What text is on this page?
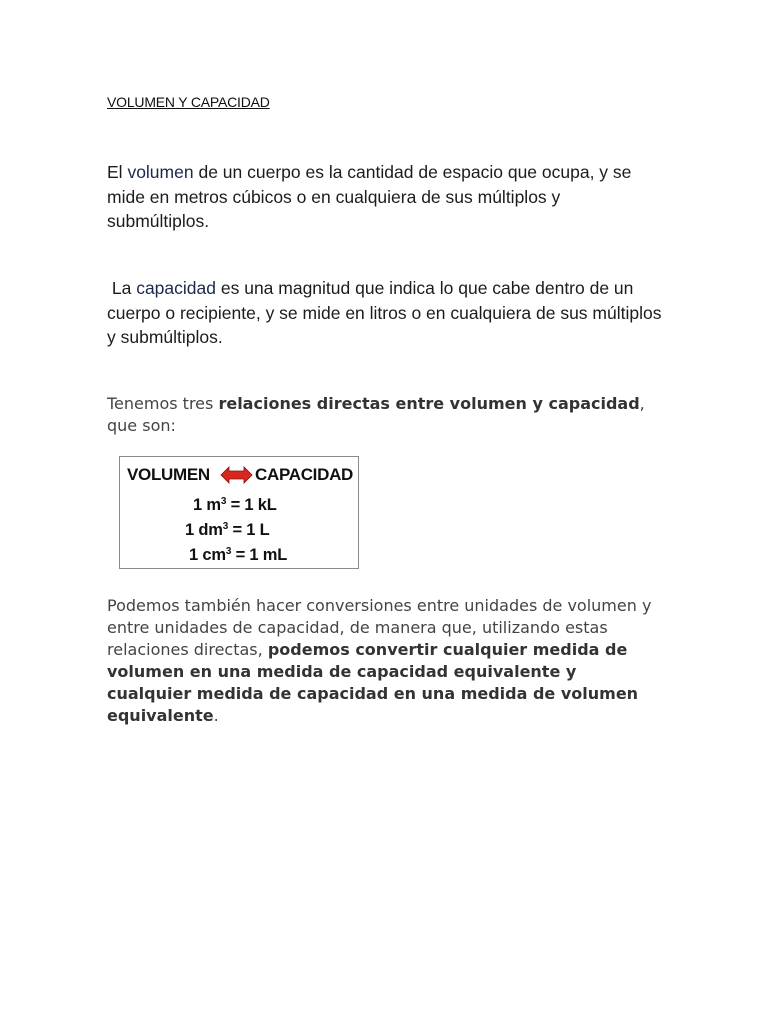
VOLUMEN Y CAPACIDAD
El volumen de un cuerpo es la cantidad de espacio que ocupa, y se mide en metros cúbicos o en cualquiera de sus múltiplos y submúltiplos.
La capacidad es una magnitud que indica lo que cabe dentro de un cuerpo o recipiente, y se mide en litros o en cualquiera de sus múltiplos y submúltiplos.
Tenemos tres relaciones directas entre volumen y capacidad, que son:
VOLUMEN	CAPACIDAD
1 $m^3 = 1$ kL
1 $dm^3 = 1$ L
1 $cm^3 = 1$ mL
Podemos también hacer conversiones entre unidades de volumen y entre unidades de capacidad, de manera que, utilizando estas relaciones directas, podemos convertir cualquier medida de volumen en una medida de capacidad equivalente y cualquier medida de capacidad en una medida de volumen equivalente.
